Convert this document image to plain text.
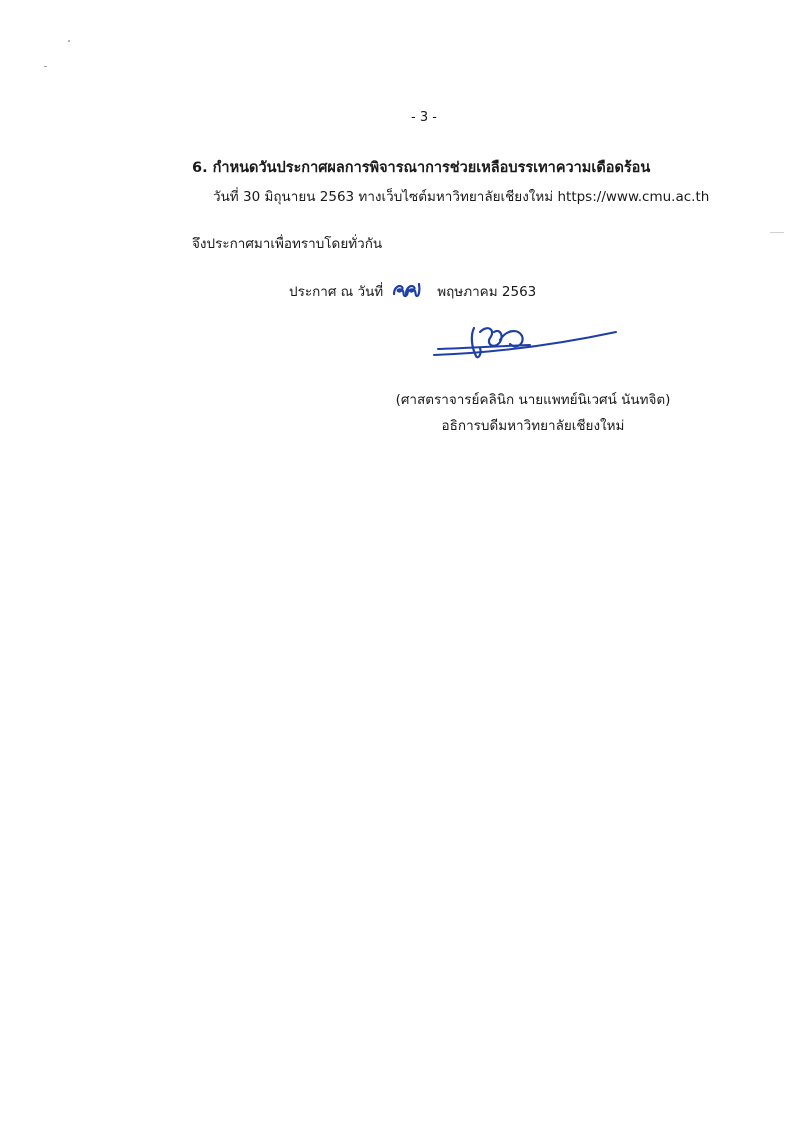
- 3 -
6. กำหนดวันประกาศผลการพิจารณาการช่วยเหลือบรรเทาความเดือดร้อน
วันที่ 30 มิถุนายน 2563 ทางเว็บไซต์มหาวิทยาลัยเชียงใหม่ https://www.cmu.ac.th
จึงประกาศมาเพื่อทราบโดยทั่วกัน
ประกาศ ณ วันที่	พฤษภาคม 2563
(ศาสตราจารย์คลินิก นายแพทย์นิเวศน์ นันทจิต)
อธิการบดีมหาวิทยาลัยเชียงใหม่
